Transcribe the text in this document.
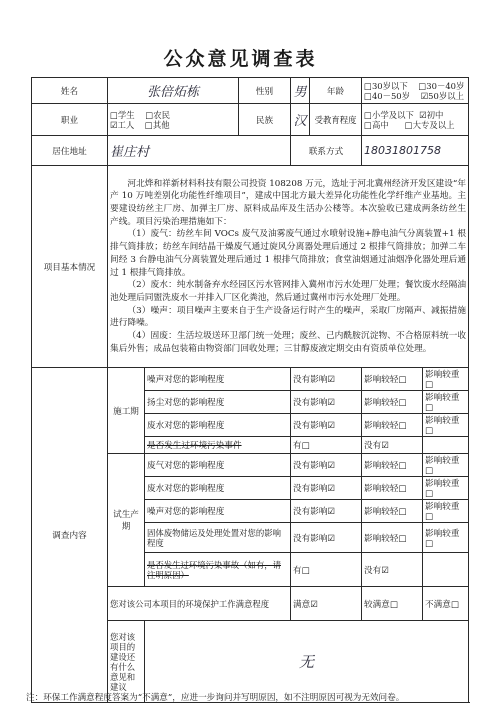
公众意见调查表
姓名	张倍炻栋		性别	男	年龄	□30岁以下 □30－40岁
□40－50岁 ☑50岁以上	
职业	□学生 □农民
☑工人 □其他		民族	汉	受教育程度	□小学及以下 ☑初中
□高中 □大专及以上	
居住地址	崔庄村			联系方式		18031801758	
项目基本情况	河北烨和祥新材料科技有限公司投资 108208 万元，选址于河北冀州经济开发区建设“年产 10 万吨差别化功能性纤维项目”，建成中国北方最大差异化功能性化学纤维产业基地。主要建设纺丝主厂房、加弹主厂房、原料成品库及生活办公楼等。本次验收已建成两条纺丝生产线。项目污染治理措施如下：

（1）废气：纺丝车间 VOCs 废气及油雾废气通过水喷射设施+静电油气分离装置+1 根排气筒排放；纺丝车间结晶干燥废气通过旋风分离器处理后通过 2 根排气筒排放；加弹二车间经 3 台静电油气分离装置处理后通过 1 根排气筒排放；食堂油烟通过油烟净化器处理后通过 1 根排气筒排放。

（2）废水：纯水制备弃水经园区污水管网排入冀州市污水处理厂处理；餐饮废水经隔油池处理后同盥洗废水一并排入厂区化粪池，然后通过冀州市污水处理厂处理。

（3）噪声：项目噪声主要来自于生产设备运行时产生的噪声，采取厂房隔声、减振措施进行降噪。

（4）固废：生活垃圾送环卫部门统一处理；废丝、己内酰胺沉淀物、不合格原料统一收集后外售；成品包装箱由物资部门回收处理；三甘醇废液定期交由有资质单位处理。						

调查内容	施工期	噪声对您的影响程度		没有影响☑		影响较轻□	影响较重□
		扬尘对您的影响程度		没有影响☑		影响较轻□	影响较重□
		废水对您的影响程度		没有影响☑		影响较轻□	影响较重□
		是否发生过环境污染事件		有□		没有☑	
	试生产期	废气对您的影响程度		没有影响☑		影响较轻□	影响较重□
		废水对您的影响程度		没有影响☑		影响较轻□	影响较重□
		噪声对您的影响程度		没有影响☑		影响较轻□	影响较重□
		固体废物储运及处理处置对您的影响程度		没有影响☑		影响较轻□	影响较重□
		是否发生过环境污染事故（如有，请注明原因）		有□		没有☑	
	您对该公司本项目的环境保护工作满意程度			满意☑		较满意□	不满意□
	您对该项目的建设还有什么意见和建议	无					
注：环保工作满意程度答案为“不满意”，应进一步询问并写明原因，如不注明原因可视为无效问卷。
